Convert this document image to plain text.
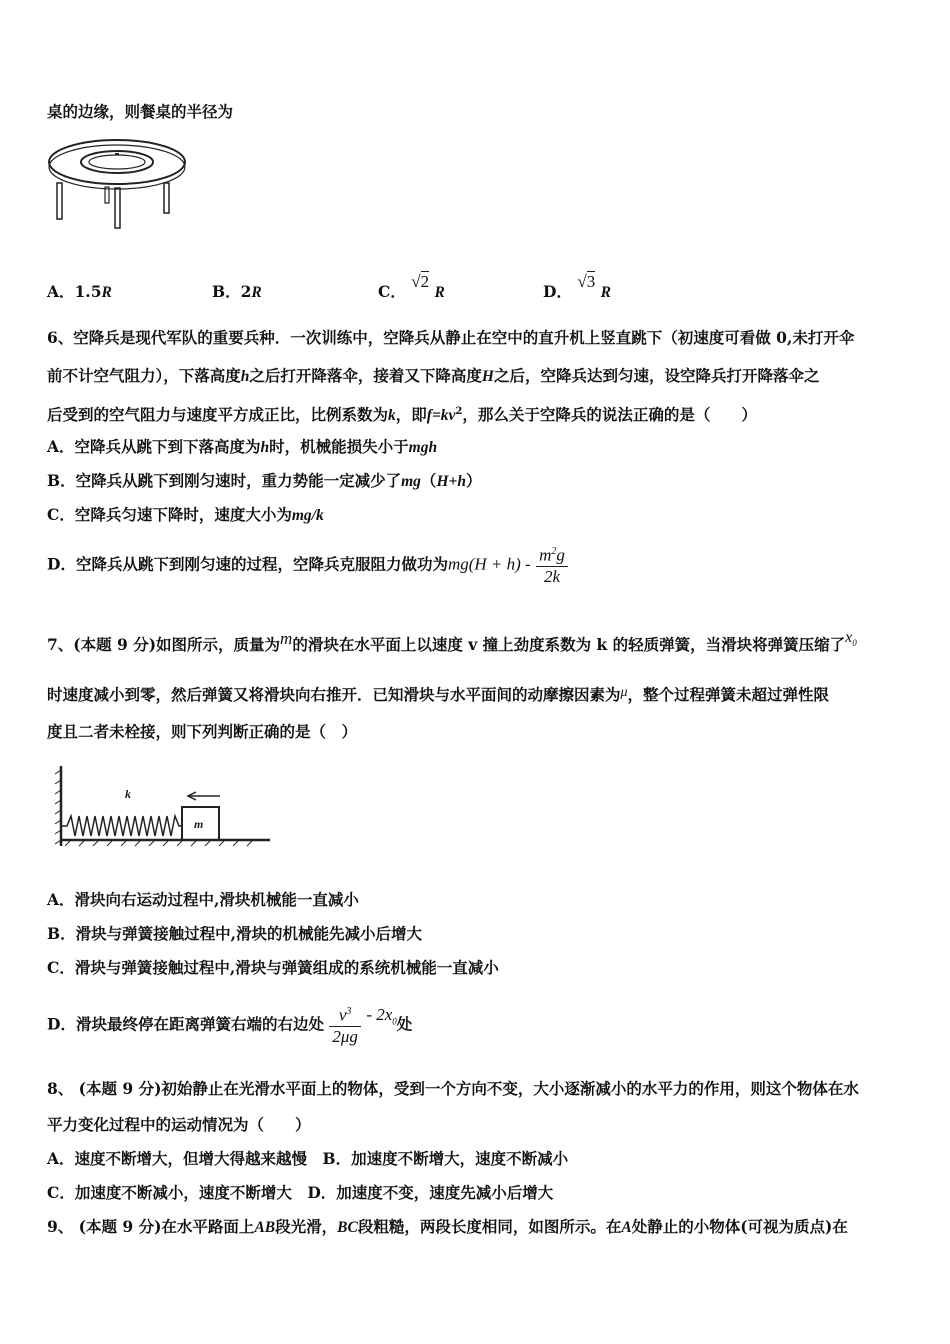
桌的边缘，则餐桌的半径为
A．1.5R	B．2R	C． √2 R	D． √3 R
6、空降兵是现代军队的重要兵种．一次训练中，空降兵从静止在空中的直升机上竖直跳下（初速度可看做 0,未打开伞
前不计空气阻力），下落高度h之后打开降落伞，接着又下降高度H之后，空降兵达到匀速，设空降兵打开降落伞之
后受到的空气阻力与速度平方成正比，比例系数为k，即$f=kv^2$，那么关于空降兵的说法正确的是（　　）
A．空降兵从跳下到下落高度为h时，机械能损失小于mgh
B．空降兵从跳下到刚匀速时，重力势能一定减少了mg（H+h）
C．空降兵匀速下降时，速度大小为mg/k
D．空降兵从跳下到刚匀速的过程，空降兵克服阻力做功为$mg(H + h) - \frac{m^2g}{2k}$
7、(本题 9 分)如图所示，质量为m的滑块在水平面上以速度 v 撞上劲度系数为 k 的轻质弹簧，当滑块将弹簧压缩了$x_0$
时速度减小到零，然后弹簧又将滑块向右推开．已知滑块与水平面间的动摩擦因素为μ，整个过程弹簧未超过弹性限
度且二者未栓接，则下列判断正确的是（　）
m
k
A．滑块向右运动过程中,滑块机械能一直减小
B．滑块与弹簧接触过程中,滑块的机械能先减小后增大
C．滑块与弹簧接触过程中,滑块与弹簧组成的系统机械能一直减小
D．滑块最终停在距离弹簧右端的右边处 $\frac{v^3}{2\mu g} - 2x_0$处
8、 (本题 9 分)初始静止在光滑水平面上的物体，受到一个方向不变，大小逐渐减小的水平力的作用，则这个物体在水
平力变化过程中的运动情况为（　　）
A．速度不断增大，但增大得越来越慢　B．加速度不断增大，速度不断减小
C．加速度不断减小，速度不断增大　D．加速度不变，速度先减小后增大
9、 (本题 9 分)在水平路面上AB段光滑，BC段粗糙，两段长度相同，如图所示。在A处静止的小物体(可视为质点)在
